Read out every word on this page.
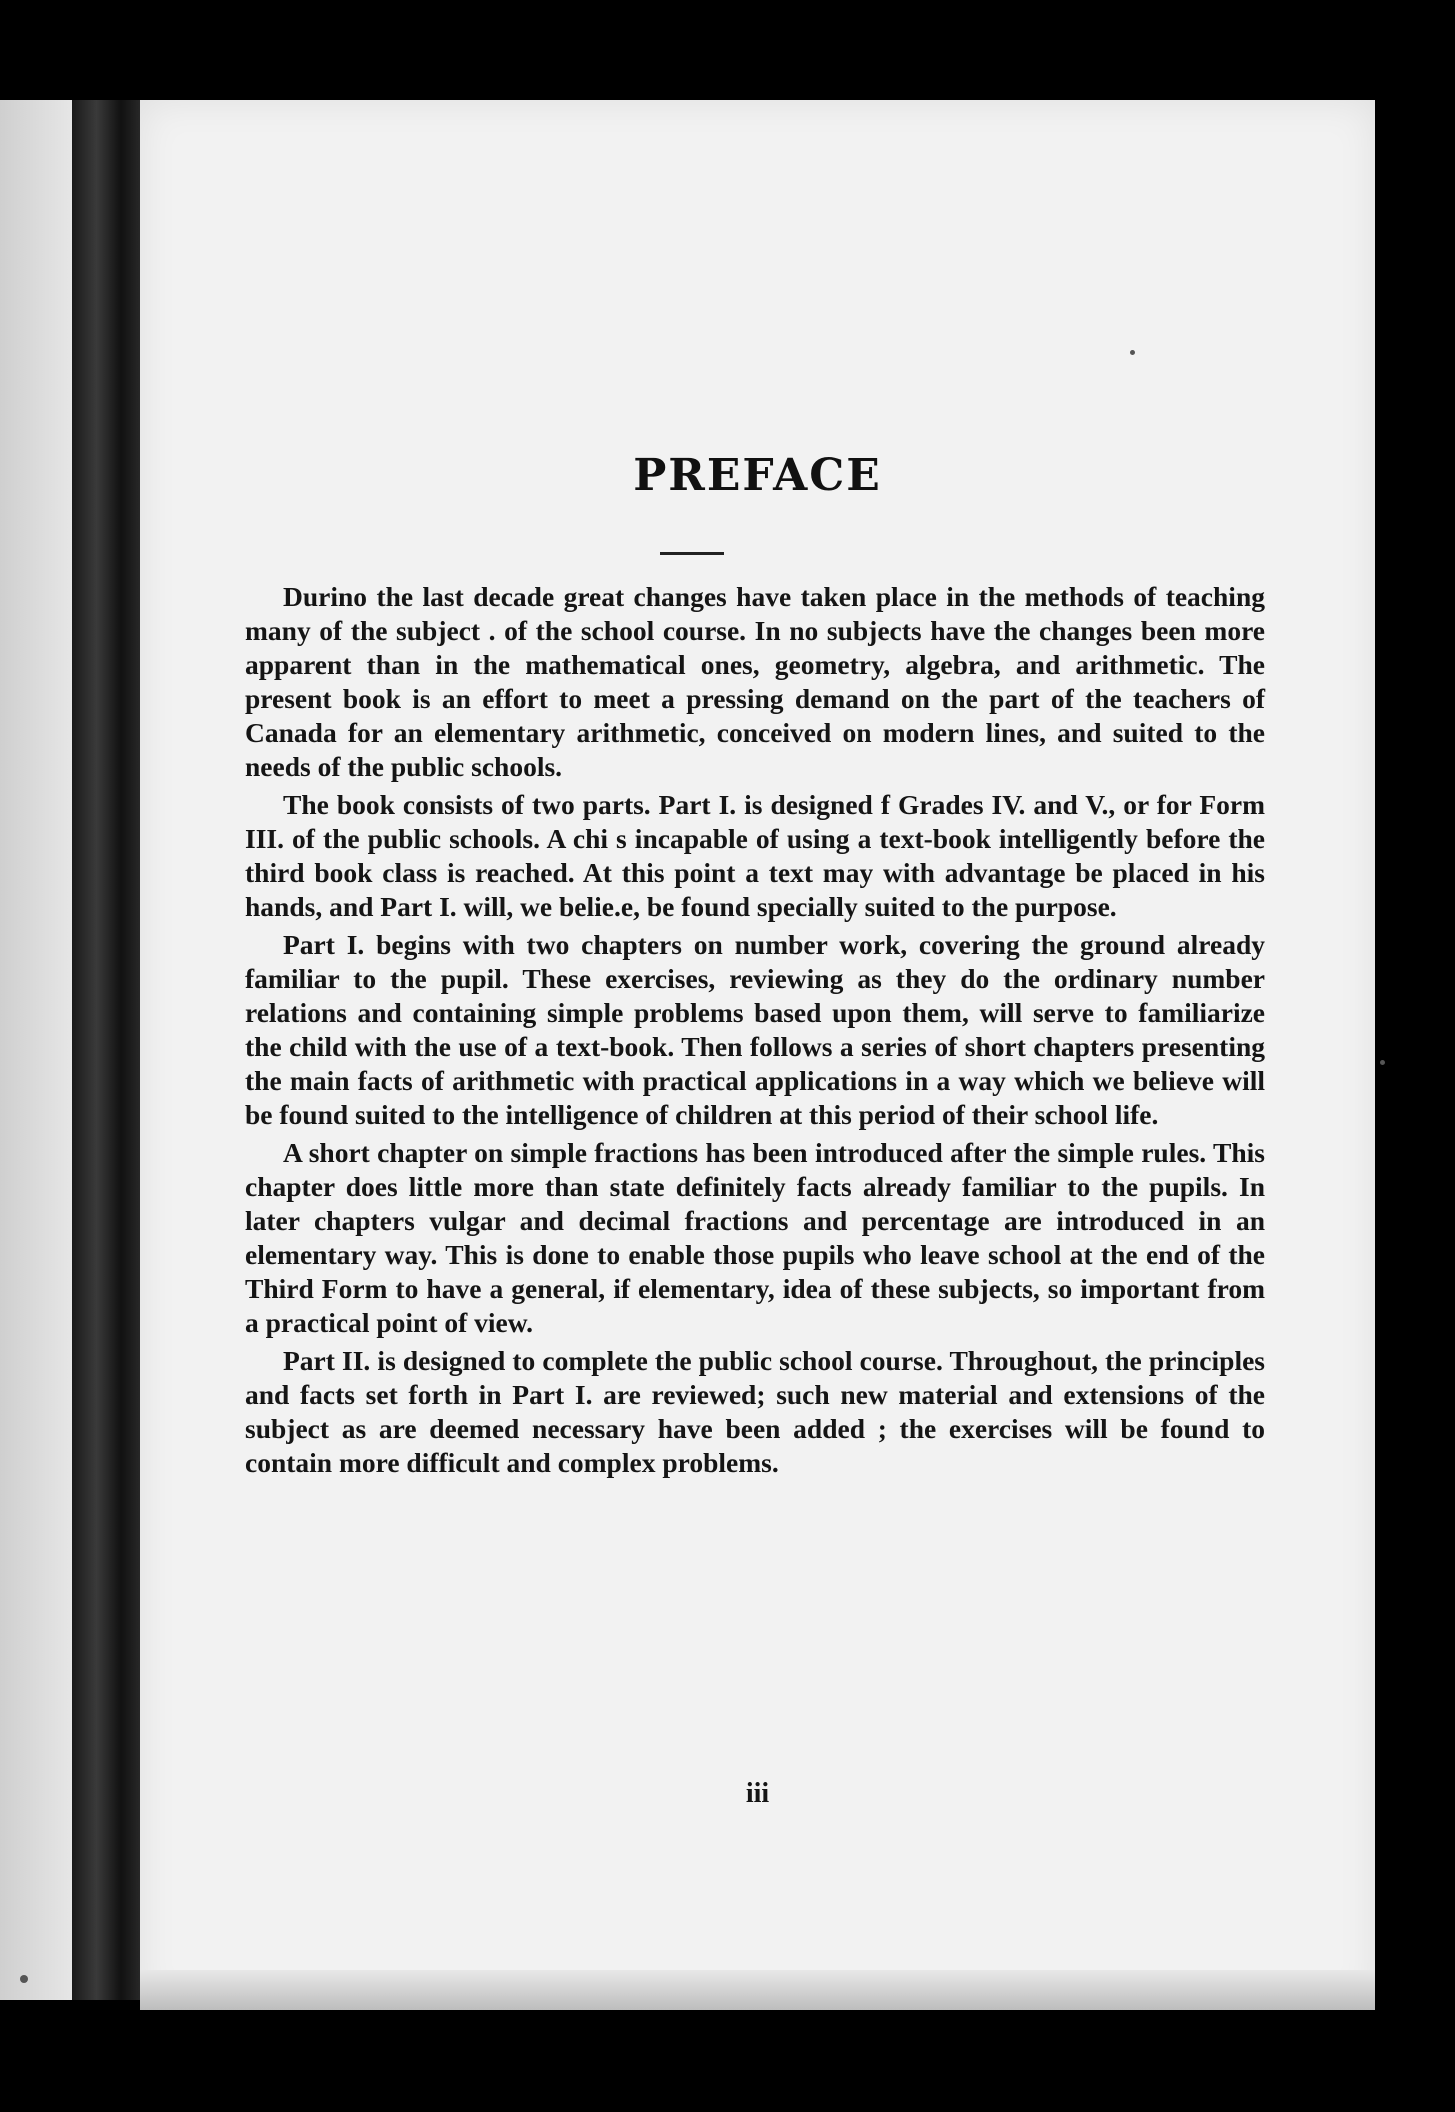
PREFACE

Durino the last decade great changes have taken place in the methods of teaching many of the subject . of the school course. In no subjects have the changes been more apparent than in the mathematical ones, geometry, algebra, and arithmetic. The present book is an effort to meet a pressing demand on the part of the teachers of Canada for an elementary arithmetic, conceived on modern lines, and suited to the needs of the public schools.

The book consists of two parts. Part I. is designed f Grades IV. and V., or for Form III. of the public schools. A chi s incapable of using a text-book intelligently before the third book class is reached. At this point a text may with advantage be placed in his hands, and Part I. will, we belie.e, be found specially suited to the purpose.

Part I. begins with two chapters on number work, covering the ground already familiar to the pupil. These exercises, reviewing as they do the ordinary number relations and containing simple problems based upon them, will serve to familiarize the child with the use of a text-book. Then follows a series of short chapters presenting the main facts of arithmetic with practical applications in a way which we believe will be found suited to the intelligence of children at this period of their school life.

A short chapter on simple fractions has been introduced after the simple rules. This chapter does little more than state definitely facts already familiar to the pupils. In later chapters vulgar and decimal fractions and percentage are introduced in an elementary way. This is done to enable those pupils who leave school at the end of the Third Form to have a general, if elementary, idea of these subjects, so important from a practical point of view.

Part II. is designed to complete the public school course. Throughout, the principles and facts set forth in Part I. are reviewed; such new material and extensions of the subject as are deemed necessary have been added ; the exercises will be found to contain more difficult and complex problems.

iii
